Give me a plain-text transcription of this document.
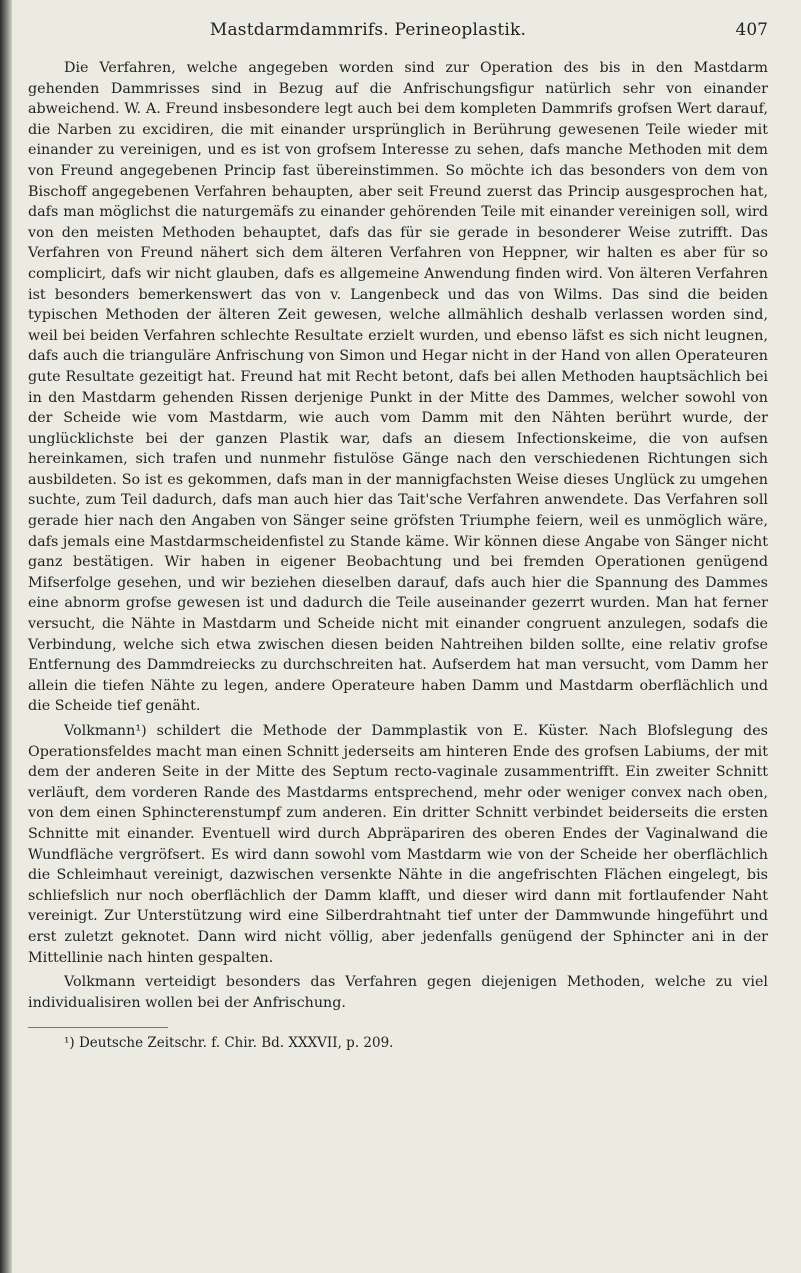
Mastdarmdammrifs. Perineoplastik.	407

Die Verfahren, welche angegeben worden sind zur Operation des bis in den Mastdarm gehenden Dammrisses sind in Bezug auf die Anfrischungsfigur natürlich sehr von einander abweichend. W. A. Freund insbesondere legt auch bei dem kompleten Dammrifs grofsen Wert darauf, die Narben zu excidiren, die mit einander ursprünglich in Berührung gewesenen Teile wieder mit einander zu vereinigen, und es ist von grofsem Interesse zu sehen, dafs manche Methoden mit dem von Freund angegebenen Princip fast übereinstimmen. So möchte ich das besonders von dem von Bischoff angegebenen Verfahren behaupten, aber seit Freund zuerst das Princip ausgesprochen hat, dafs man möglichst die naturgemäfs zu einander gehörenden Teile mit einander vereinigen soll, wird von den meisten Methoden behauptet, dafs das für sie gerade in besonderer Weise zutrifft. Das Verfahren von Freund nähert sich dem älteren Verfahren von Heppner, wir halten es aber für so complicirt, dafs wir nicht glauben, dafs es allgemeine Anwendung finden wird. Von älteren Verfahren ist besonders bemerkenswert das von v. Langenbeck und das von Wilms. Das sind die beiden typischen Methoden der älteren Zeit gewesen, welche allmählich deshalb verlassen worden sind, weil bei beiden Verfahren schlechte Resultate erzielt wurden, und ebenso läfst es sich nicht leugnen, dafs auch die trianguläre Anfrischung von Simon und Hegar nicht in der Hand von allen Operateuren gute Resultate gezeitigt hat. Freund hat mit Recht betont, dafs bei allen Methoden hauptsächlich bei in den Mastdarm gehenden Rissen derjenige Punkt in der Mitte des Dammes, welcher sowohl von der Scheide wie vom Mastdarm, wie auch vom Damm mit den Nähten berührt wurde, der unglücklichste bei der ganzen Plastik war, dafs an diesem Infectionskeime, die von aufsen hereinkamen, sich trafen und nunmehr fistulöse Gänge nach den verschiedenen Richtungen sich ausbildeten. So ist es gekommen, dafs man in der mannigfachsten Weise dieses Unglück zu umgehen suchte, zum Teil dadurch, dafs man auch hier das Tait'sche Verfahren anwendete. Das Verfahren soll gerade hier nach den Angaben von Sänger seine gröfsten Triumphe feiern, weil es unmöglich wäre, dafs jemals eine Mastdarmscheidenfistel zu Stande käme. Wir können diese Angabe von Sänger nicht ganz bestätigen. Wir haben in eigener Beobachtung und bei fremden Operationen genügend Mifserfolge gesehen, und wir beziehen dieselben darauf, dafs auch hier die Spannung des Dammes eine abnorm grofse gewesen ist und dadurch die Teile auseinander gezerrt wurden. Man hat ferner versucht, die Nähte in Mastdarm und Scheide nicht mit einander congruent anzulegen, sodafs die Verbindung, welche sich etwa zwischen diesen beiden Nahtreihen bilden sollte, eine relativ grofse Entfernung des Dammdreiecks zu durchschreiten hat. Aufserdem hat man versucht, vom Damm her allein die tiefen Nähte zu legen, andere Operateure haben Damm und Mastdarm oberflächlich und die Scheide tief genäht.

Volkmann¹) schildert die Methode der Dammplastik von E. Küster. Nach Blofslegung des Operationsfeldes macht man einen Schnitt jederseits am hinteren Ende des grofsen Labiums, der mit dem der anderen Seite in der Mitte des Septum recto-vaginale zusammentrifft. Ein zweiter Schnitt verläuft, dem vorderen Rande des Mastdarms entsprechend, mehr oder weniger convex nach oben, von dem einen Sphincterenstumpf zum anderen. Ein dritter Schnitt verbindet beiderseits die ersten Schnitte mit einander. Eventuell wird durch Abpräpariren des oberen Endes der Vaginalwand die Wundfläche vergröfsert. Es wird dann sowohl vom Mastdarm wie von der Scheide her oberflächlich die Schleimhaut vereinigt, dazwischen versenkte Nähte in die angefrischten Flächen eingelegt, bis schliefslich nur noch oberflächlich der Damm klafft, und dieser wird dann mit fortlaufender Naht vereinigt. Zur Unterstützung wird eine Silberdrahtnaht tief unter der Dammwunde hingeführt und erst zuletzt geknotet. Dann wird nicht völlig, aber jedenfalls genügend der Sphincter ani in der Mittellinie nach hinten gespalten.

Volkmann verteidigt besonders das Verfahren gegen diejenigen Methoden, welche zu viel individualisiren wollen bei der Anfrischung.

¹) Deutsche Zeitschr. f. Chir. Bd. XXXVII, p. 209.
